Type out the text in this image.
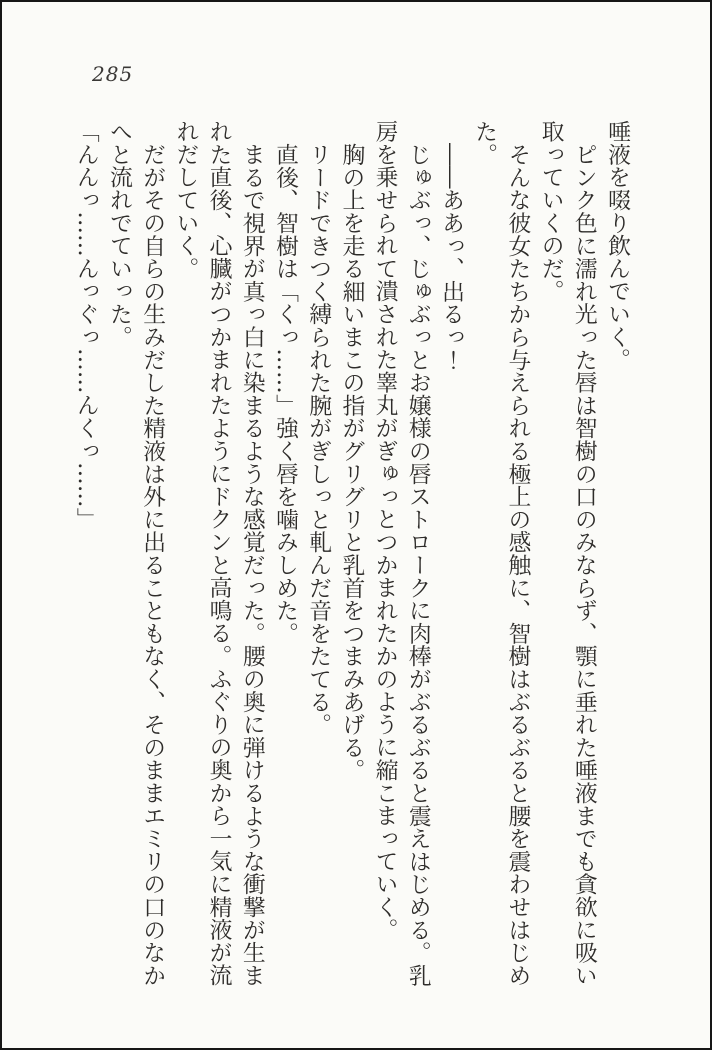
285

唾液を啜り飲んでいく。

ピンク色に濡れ光った唇は智樹の口のみならず、顎に垂れた唾液までも貪欲に吸い取っていくのだ。

そんな彼女たちから与えられる極上の感触に、智樹はぶるぶると腰を震わせはじめた。

――ああっ、出るっ！

じゅぶっ、じゅぶっとお嬢様の唇ストロークに肉棒がぶるぶると震えはじめる。乳房を乗せられて潰された睾丸がぎゅっとつかまれたかのように縮こまっていく。

胸の上を走る細いまこの指がグリグリと乳首をつまみあげる。

リードできつく縛られた腕がぎしっと軋んだ音をたてる。

直後、智樹は「くっ……」強く唇を噛みしめた。

まるで視界が真っ白に染まるような感覚だった。腰の奥に弾けるような衝撃が生まれた直後、心臓がつかまれたようにドクンと高鳴る。ふぐりの奥から一気に精液が流れだしていく。

だがその自らの生みだした精液は外に出ることもなく、そのままエミリの口のなかへと流れでていった。

「んんっ……んっぐっ……んくっ……」
